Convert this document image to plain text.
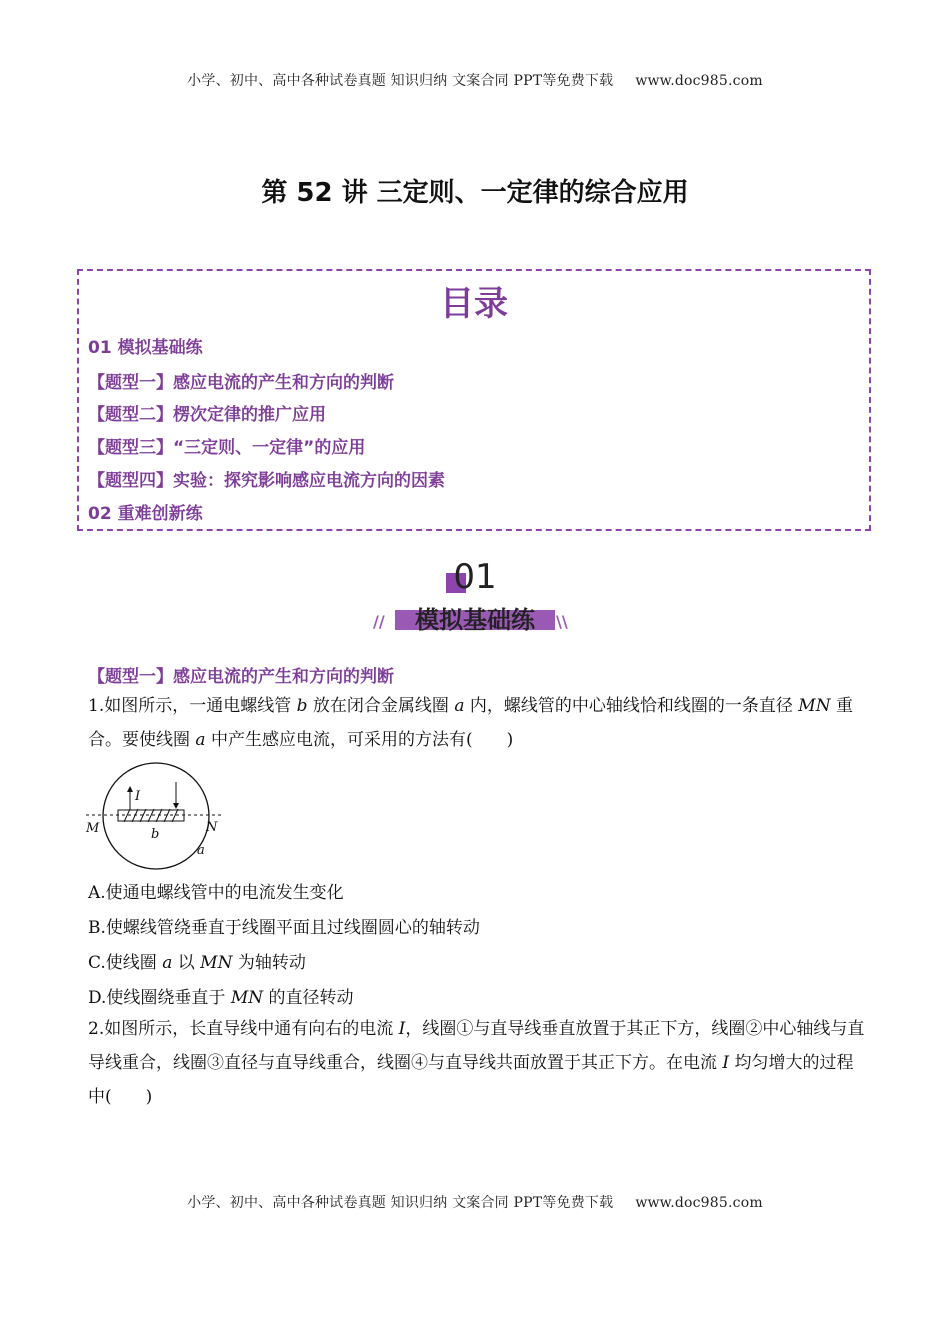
小学、初中、高中各种试卷真题 知识归纳 文案合同 PPT等免费下载 www.doc985.com
第 52 讲 三定则、一定律的综合应用
目录
01 模拟基础练
【题型一】感应电流的产生和方向的判断
【题型二】楞次定律的推广应用
【题型三】“三定则、一定律”的应用
【题型四】实验：探究影响感应电流方向的因素
02 重难创新练
01
//	模拟基础练	\\
【题型一】感应电流的产生和方向的判断
1.如图所示，一通电螺线管 b 放在闭合金属线圈 a 内，螺线管的中心轴线恰和线圈的一条直径 MN 重合。要使线圈 a 中产生感应电流，可采用的方法有(　　)
I
M	N
b
a
A.使通电螺线管中的电流发生变化
B.使螺线管绕垂直于线圈平面且过线圈圆心的轴转动
C.使线圈 a 以 MN 为轴转动
D.使线圈绕垂直于 MN 的直径转动
2.如图所示，长直导线中通有向右的电流 I，线圈①与直导线垂直放置于其正下方，线圈②中心轴线与直导线重合，线圈③直径与直导线重合，线圈④与直导线共面放置于其正下方。在电流 I 均匀增大的过程中(　　)
小学、初中、高中各种试卷真题 知识归纳 文案合同 PPT等免费下载 www.doc985.com
